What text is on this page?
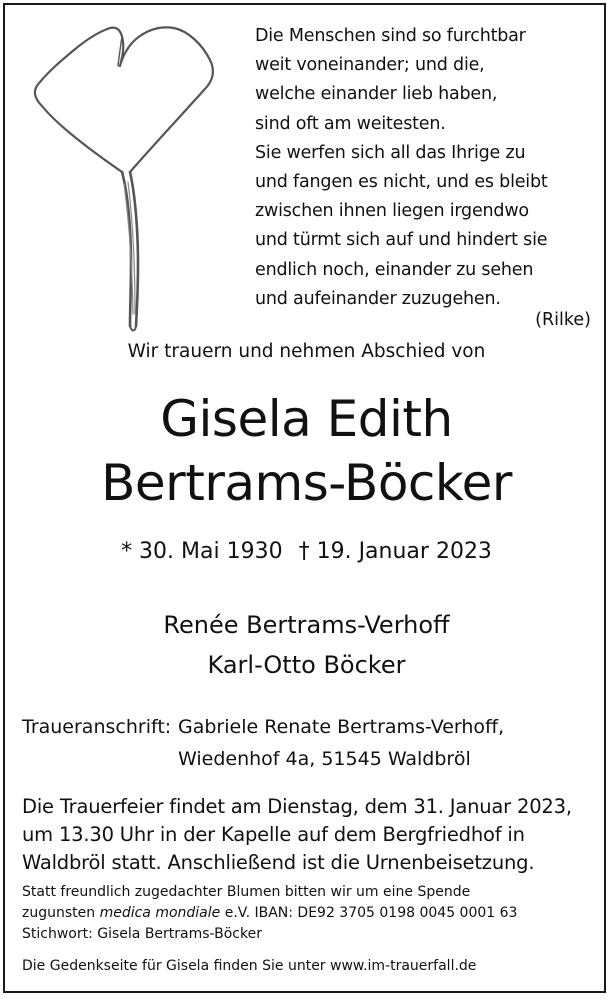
Die Menschen sind so furchtbar
weit voneinander; und die,
welche einander lieb haben,
sind oft am weitesten.
Sie werfen sich all das Ihrige zu
und fangen es nicht, und es bleibt
zwischen ihnen liegen irgendwo
und türmt sich auf und hindert sie
endlich noch, einander zu sehen
und aufeinander zuzugehen.
(Rilke)
Wir trauern und nehmen Abschied von
Gisela Edith
Bertrams-Böcker
* 30. Mai 1930 † 19. Januar 2023
Renée Bertrams-Verhoff
Karl-Otto Böcker
Traueranschrift: Gabriele Renate Bertrams-Verhoff,
Wiedenhof 4a, 51545 Waldbröl
Die Trauerfeier findet am Dienstag, dem 31. Januar 2023,
um 13.30 Uhr in der Kapelle auf dem Bergfriedhof in
Waldbröl statt. Anschließend ist die Urnenbeisetzung.
Statt freundlich zugedachter Blumen bitten wir um eine Spende
zugunsten medica mondiale e.V. IBAN: DE92 3705 0198 0045 0001 63
Stichwort: Gisela Bertrams-Böcker
Die Gedenkseite für Gisela finden Sie unter www.im-trauerfall.de
